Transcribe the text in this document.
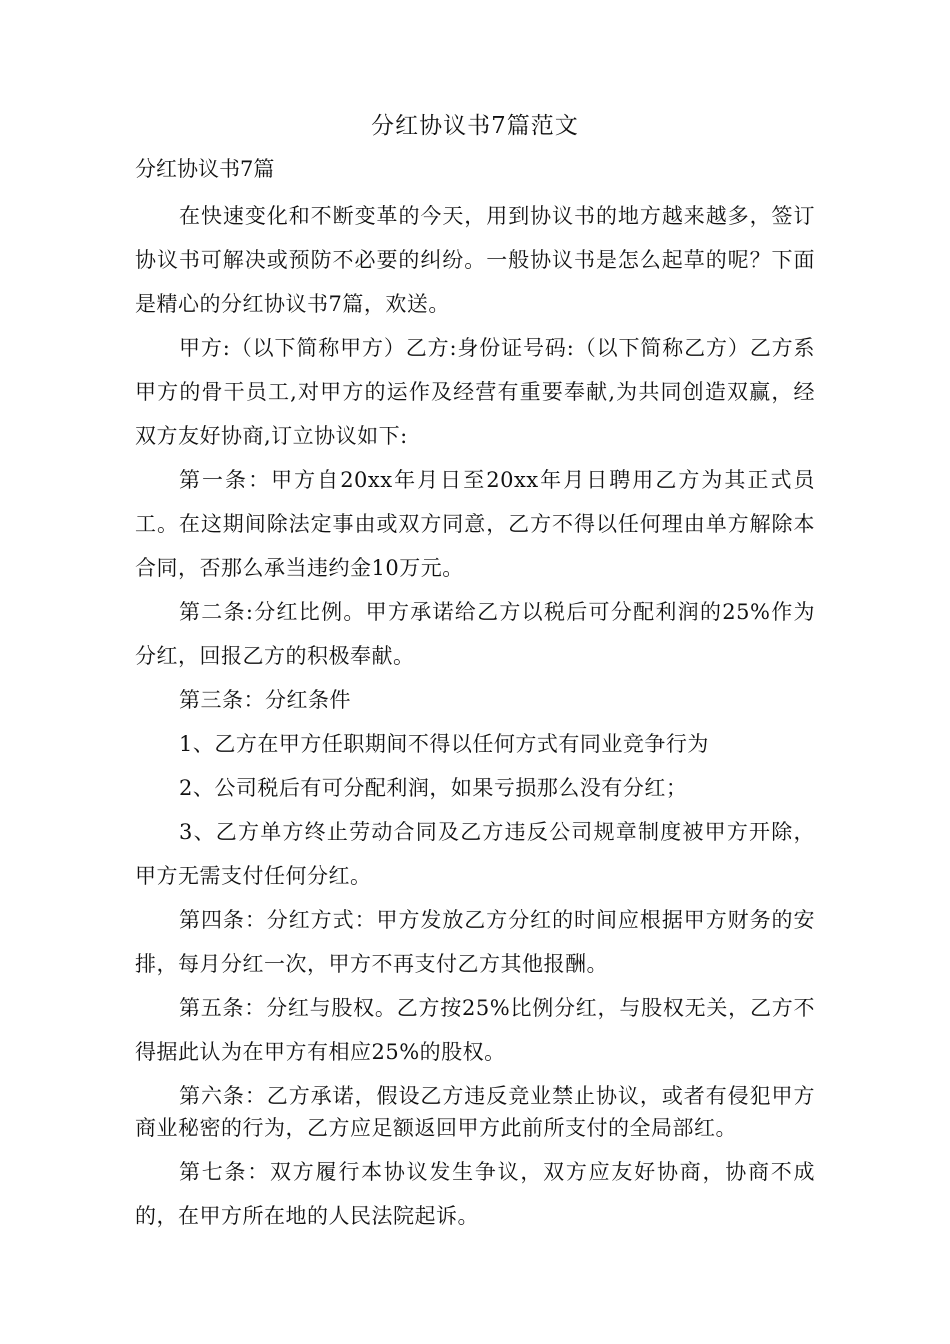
分红协议书7篇范文
分红协议书7篇

在快速变化和不断变革的今天，用到协议书的地方越来越多，签订协议书可解决或预防不必要的纠纷。一般协议书是怎么起草的呢？下面是精心的分红协议书7篇，欢送。

甲方:（以下简称甲方）乙方:身份证号码:（以下简称乙方）乙方系甲方的骨干员工,对甲方的运作及经营有重要奉献,为共同创造双赢，经双方友好协商,订立协议如下:

第一条：甲方自20xx年月日至20xx年月日聘用乙方为其正式员工。在这期间除法定事由或双方同意，乙方不得以任何理由单方解除本合同，否那么承当违约金10万元。

第二条:分红比例。甲方承诺给乙方以税后可分配利润的25%作为分红，回报乙方的积极奉献。

第三条：分红条件

1、乙方在甲方任职期间不得以任何方式有同业竞争行为

2、公司税后有可分配利润，如果亏损那么没有分红；

3、乙方单方终止劳动合同及乙方违反公司规章制度被甲方开除，甲方无需支付任何分红。

第四条：分红方式：甲方发放乙方分红的时间应根据甲方财务的安排，每月分红一次，甲方不再支付乙方其他报酬。

第五条：分红与股权。乙方按25%比例分红，与股权无关，乙方不得据此认为在甲方有相应25%的股权。

第六条：乙方承诺，假设乙方违反竞业禁止协议，或者有侵犯甲方商业秘密的行为，乙方应足额返回甲方此前所支付的全局部红。

第七条：双方履行本协议发生争议，双方应友好协商，协商不成的，在甲方所在地的人民法院起诉。
